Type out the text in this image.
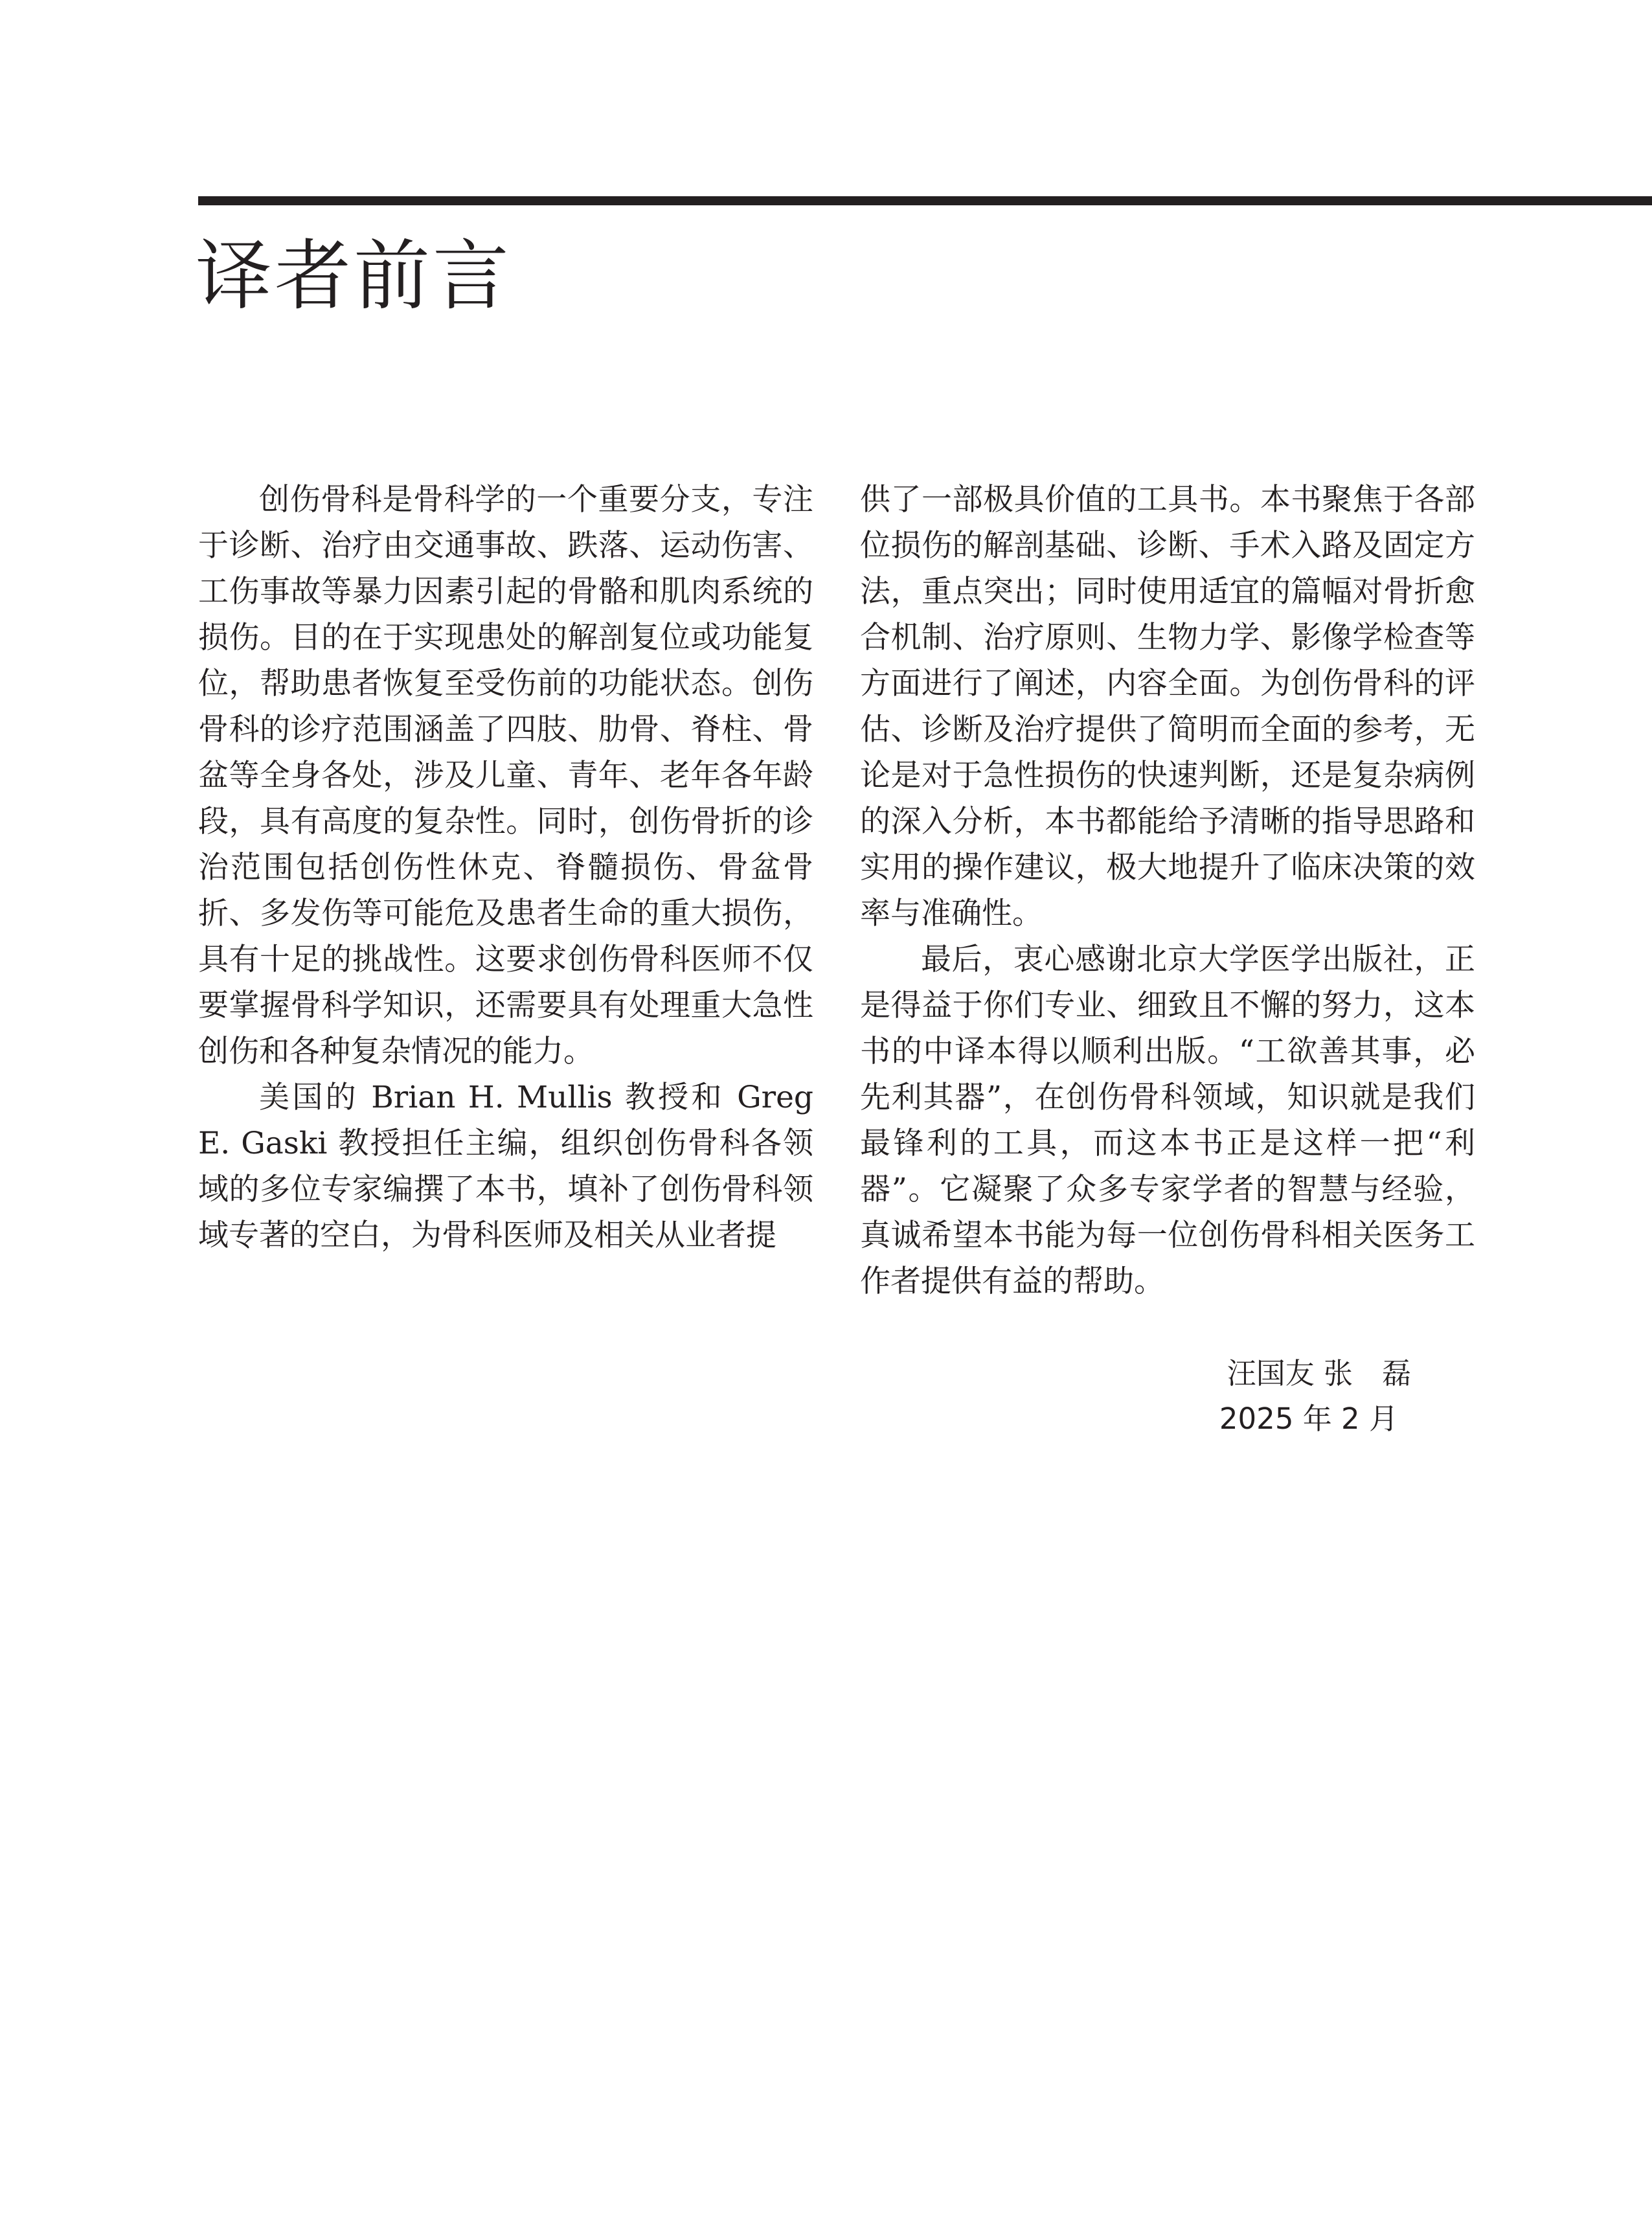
译者前言

创伤骨科是骨科学的一个重要分支，专注于诊断、治疗由交通事故、跌落、运动伤害、工伤事故等暴力因素引起的骨骼和肌肉系统的损伤。目的在于实现患处的解剖复位或功能复位，帮助患者恢复至受伤前的功能状态。创伤骨科的诊疗范围涵盖了四肢、肋骨、脊柱、骨盆等全身各处，涉及儿童、青年、老年各年龄段，具有高度的复杂性。同时，创伤骨折的诊治范围包括创伤性休克、脊髓损伤、骨盆骨折、多发伤等可能危及患者生命的重大损伤，具有十足的挑战性。这要求创伤骨科医师不仅要掌握骨科学知识，还需要具有处理重大急性创伤和各种复杂情况的能力。

美国的 Brian H. Mullis 教授和 Greg E. Gaski 教授担任主编，组织创伤骨科各领域的多位专家编撰了本书，填补了创伤骨科领域专著的空白，为骨科医师及相关从业者提

供了一部极具价值的工具书。本书聚焦于各部位损伤的解剖基础、诊断、手术入路及固定方法，重点突出；同时使用适宜的篇幅对骨折愈合机制、治疗原则、生物力学、影像学检查等方面进行了阐述，内容全面。为创伤骨科的评估、诊断及治疗提供了简明而全面的参考，无论是对于急性损伤的快速判断，还是复杂病例的深入分析，本书都能给予清晰的指导思路和实用的操作建议，极大地提升了临床决策的效率与准确性。

最后，衷心感谢北京大学医学出版社，正是得益于你们专业、细致且不懈的努力，这本书的中译本得以顺利出版。“工欲善其事，必先利其器”，在创伤骨科领域，知识就是我们最锋利的工具，而这本书正是这样一把“利器”。它凝聚了众多专家学者的智慧与经验，真诚希望本书能为每一位创伤骨科相关医务工作者提供有益的帮助。

汪国友 张　磊
2025 年 2 月
